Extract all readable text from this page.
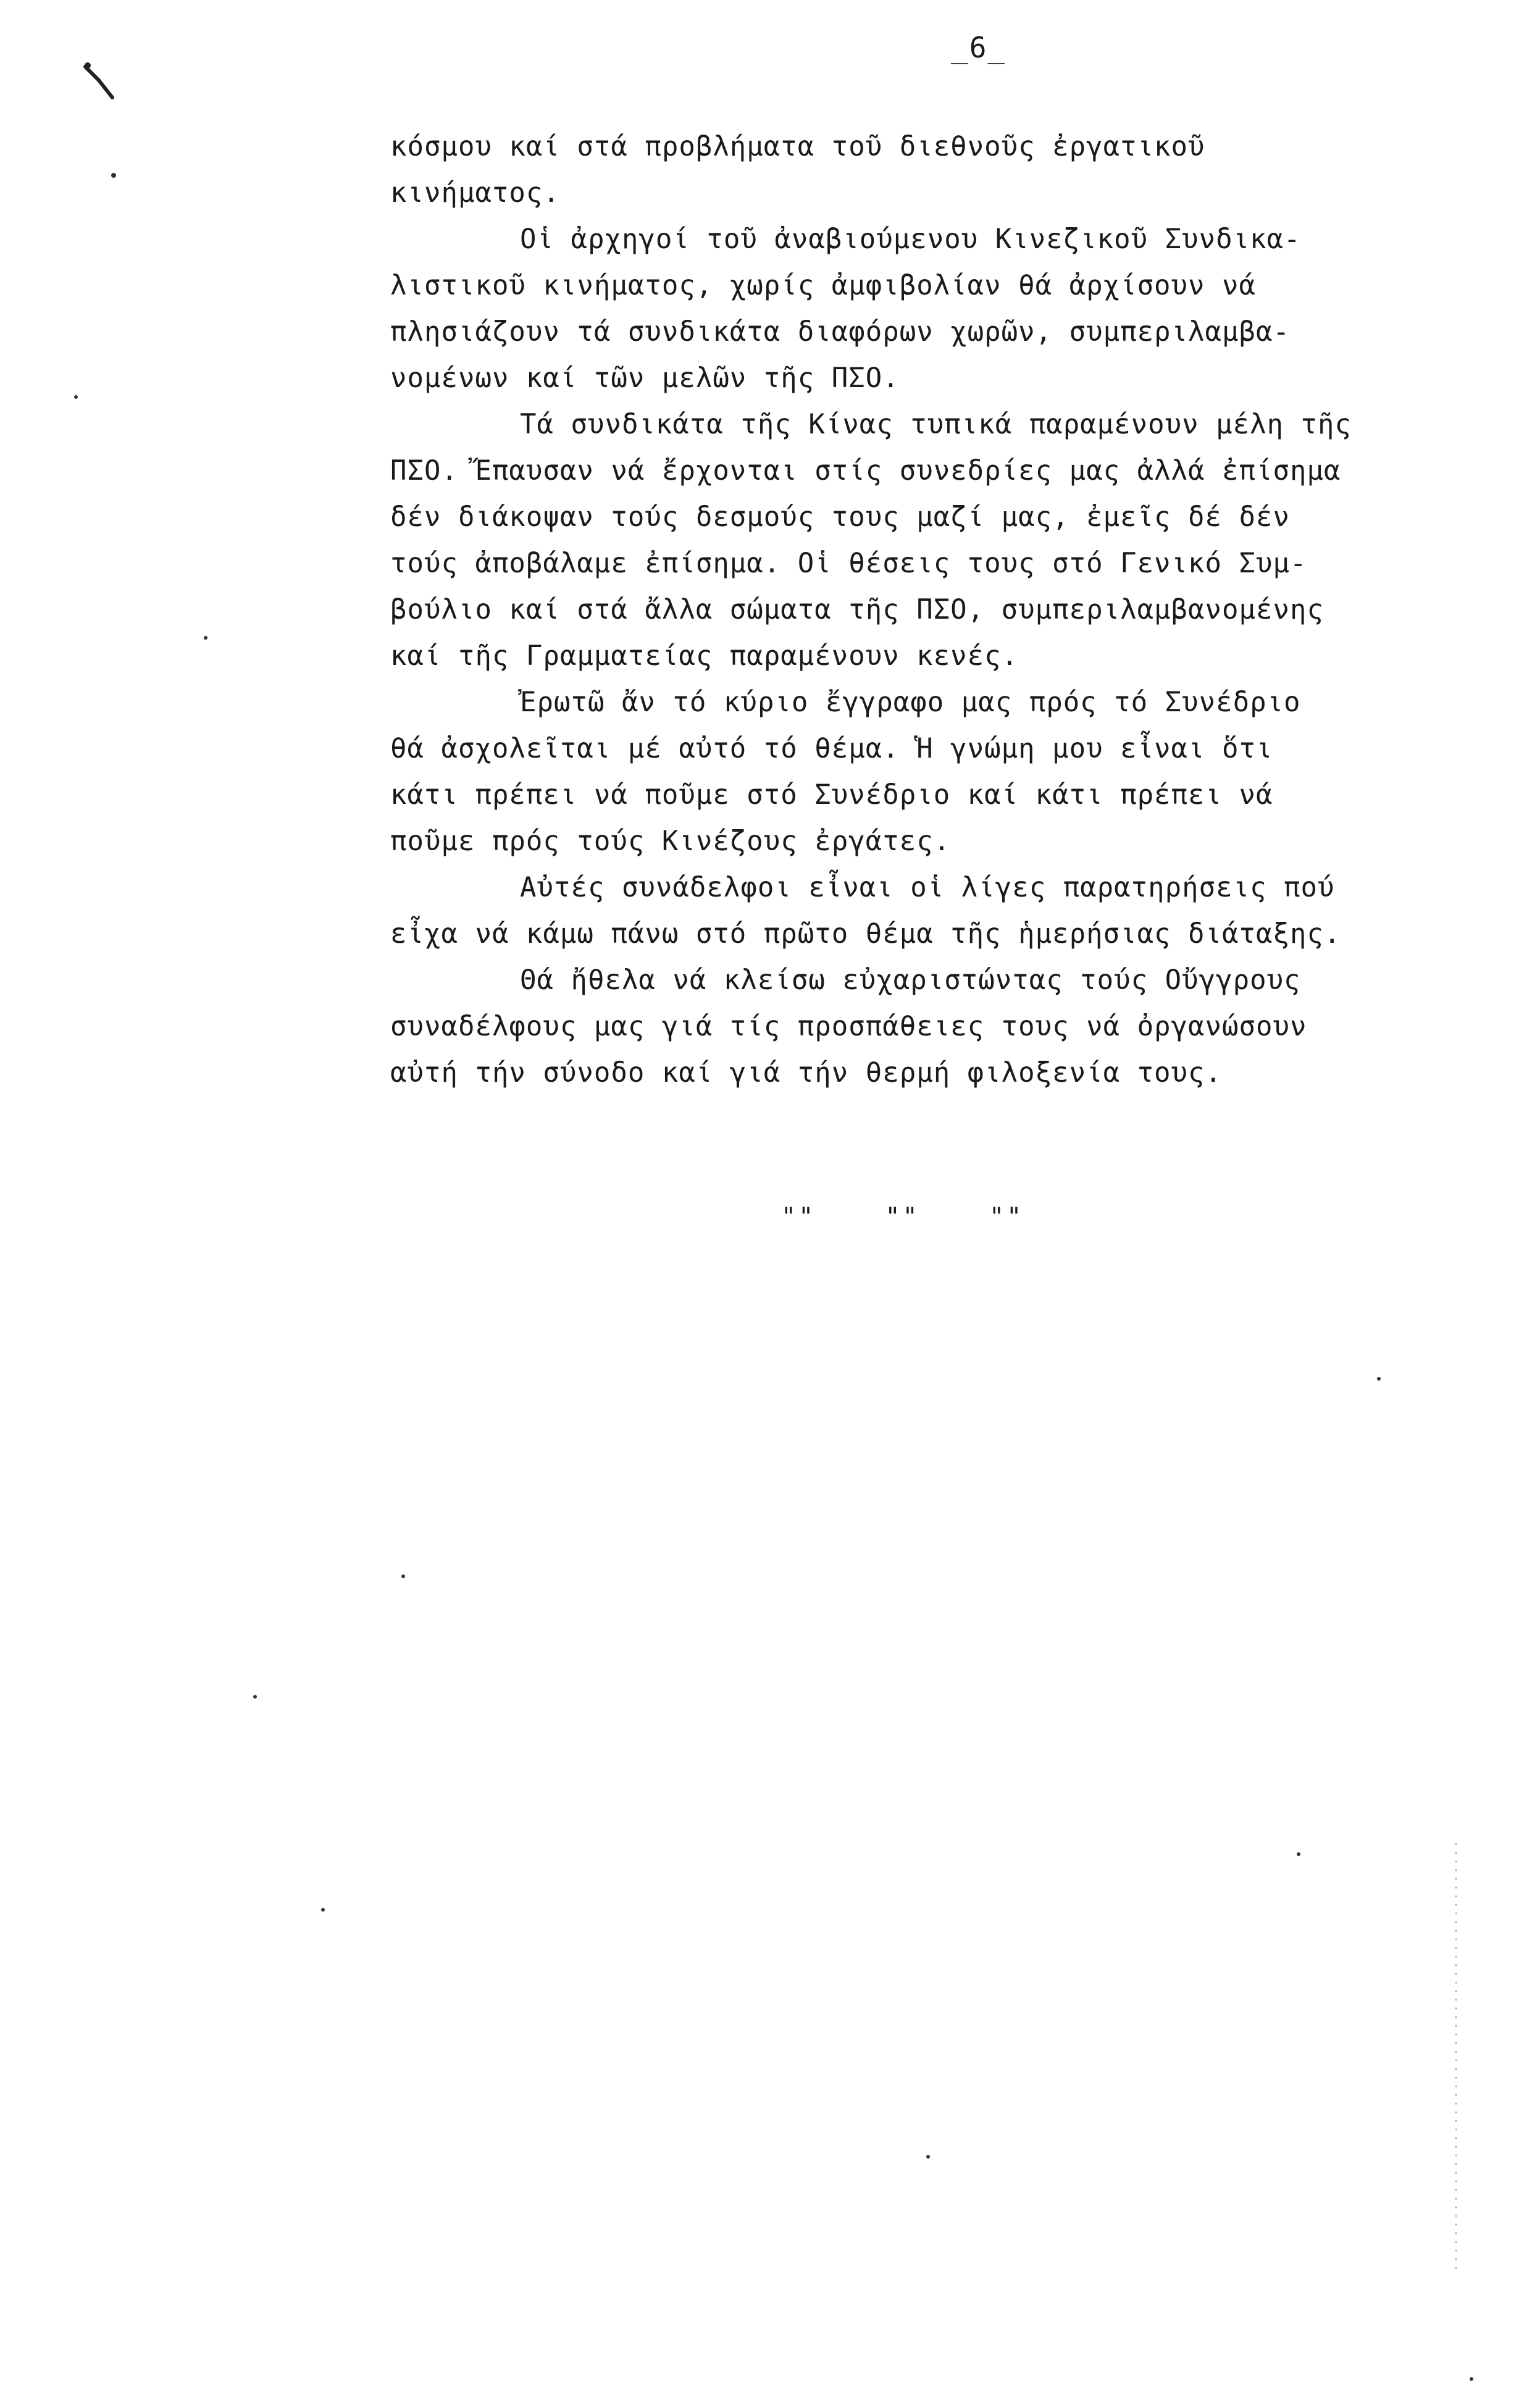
_6_
κόσμου καί στά προβλήματα τοῦ διεθνοῦς ἐργατικοῦ
κινήματος.
Οἱ ἀρχηγοί τοῦ ἀναβιούμενου Κινεζικοῦ Συνδικα-
λιστικοῦ κινήματος, χωρίς ἀμφιβολίαν θά ἀρχίσουν νά
πλησιάζουν τά συνδικάτα διαφόρων χωρῶν, συμπεριλαμβα-
νομένων καί τῶν μελῶν τῆς ΠΣΟ.
Τά συνδικάτα τῆς Κίνας τυπικά παραμένουν μέλη τῆς
ΠΣΟ. Ἔπαυσαν νά ἔρχονται στίς συνεδρίες μας ἀλλά ἐπίσημα
δέν διάκοψαν τούς δεσμούς τους μαζί μας, ἐμεῖς δέ δέν
τούς ἀποβάλαμε ἐπίσημα. Οἱ θέσεις τους στό Γενικό Συμ-
βούλιο καί στά ἄλλα σώματα τῆς ΠΣΟ, συμπεριλαμβανομένης
καί τῆς Γραμματείας παραμένουν κενές.
Ἐρωτῶ ἄν τό κύριο ἔγγραφο μας πρός τό Συνέδριο
θά ἀσχολεῖται μέ αὐτό τό θέμα. Ἡ γνώμη μου εἶναι ὅτι
κάτι πρέπει νά ποῦμε στό Συνέδριο καί κάτι πρέπει νά
ποῦμε πρός τούς Κινέζους ἐργάτες.
Αὐτές συνάδελφοι εἶναι οἱ λίγες παρατηρήσεις πού
εἶχα νά κάμω πάνω στό πρῶτο θέμα τῆς ἡμερήσιας διάταξης.
Θά ἤθελα νά κλείσω εὐχαριστώντας τούς Οὔγγρους
συναδέλφους μας γιά τίς προσπάθειες τους νά ὀργανώσουν
αὐτή τήν σύνοδο καί γιά τήν θερμή φιλοξενία τους.
""    ""    ""
